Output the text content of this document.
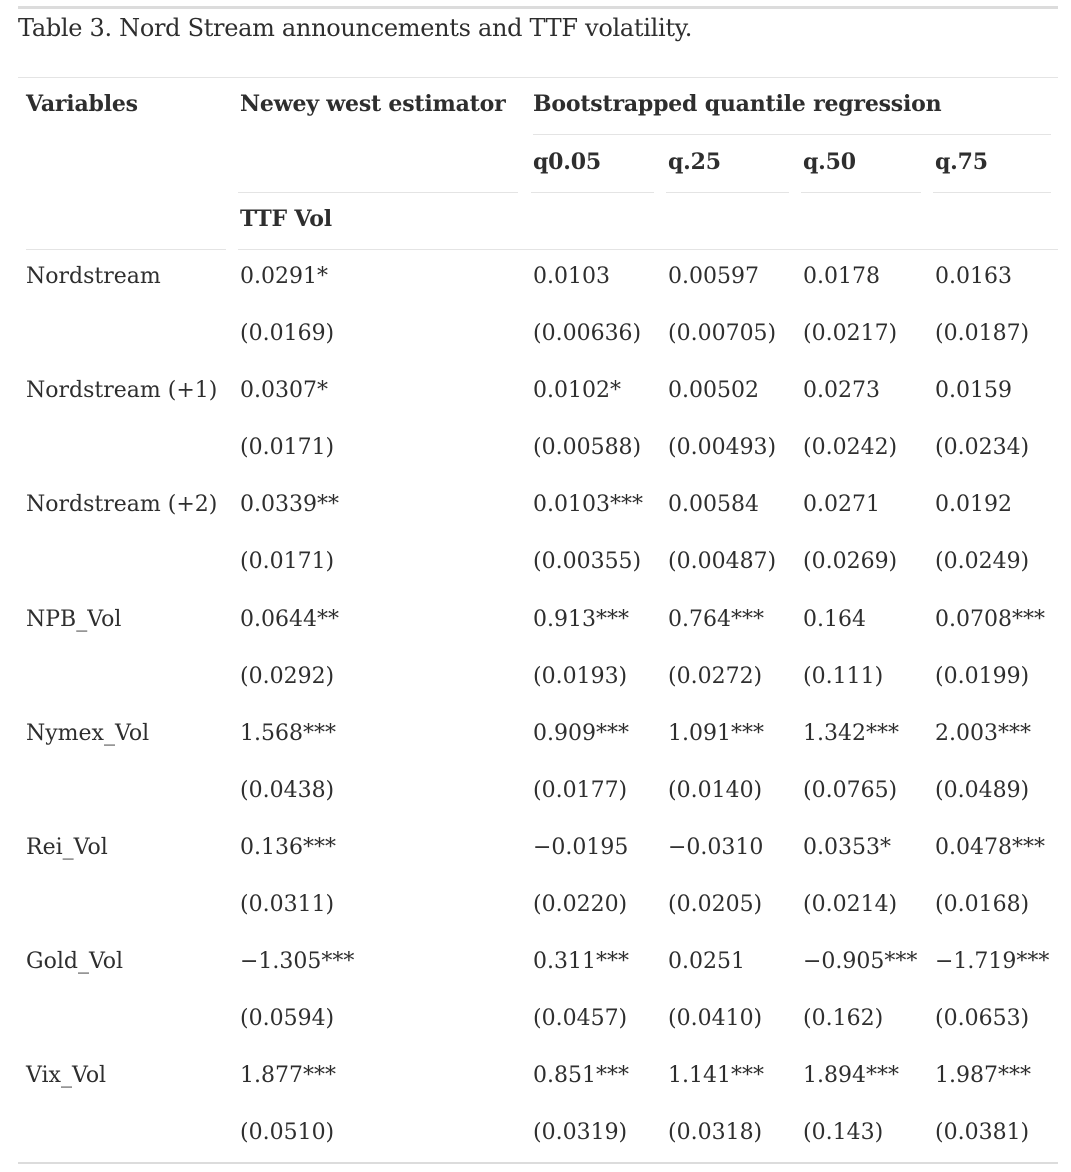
Table 3. Nord Stream announcements and TTF volatility.
Variables	Newey west estimator Bootstrapped quantile regression
q0.05	q.25	q.50	q.75
TTF Vol
Nordstream	0.0291*	0.0103	0.00597 0.0178	0.0163
(0.0169)	(0.00636) (0.00705) (0.0217) (0.0187)
Nordstream (+1) 0.0307*	0.0102* 0.00502 0.0273	0.0159
(0.0171)	(0.00588) (0.00493) (0.0242) (0.0234)
Nordstream (+2) 0.0339**	0.0103*** 0.00584 0.0271	0.0192
(0.0171)	(0.00355) (0.00487) (0.0269) (0.0249)
NPB_Vol	0.0644**	0.913*** 0.764*** 0.164	0.0708***
(0.0292)	(0.0193) (0.0272) (0.111) (0.0199)
Nymex_Vol	1.568***	0.909*** 1.091*** 1.342*** 2.003***
(0.0438)	(0.0177) (0.0140) (0.0765) (0.0489)
Rei_Vol	0.136***	−0.0195 −0.0310 0.0353* 0.0478***
(0.0311)	(0.0220) (0.0205) (0.0214) (0.0168)
Gold_Vol	−1.305***	0.311*** 0.0251	−0.905*** −1.719***
(0.0594)	(0.0457) (0.0410) (0.162) (0.0653)
Vix_Vol	1.877***	0.851*** 1.141*** 1.894*** 1.987***
(0.0510)	(0.0319) (0.0318) (0.143) (0.0381)
